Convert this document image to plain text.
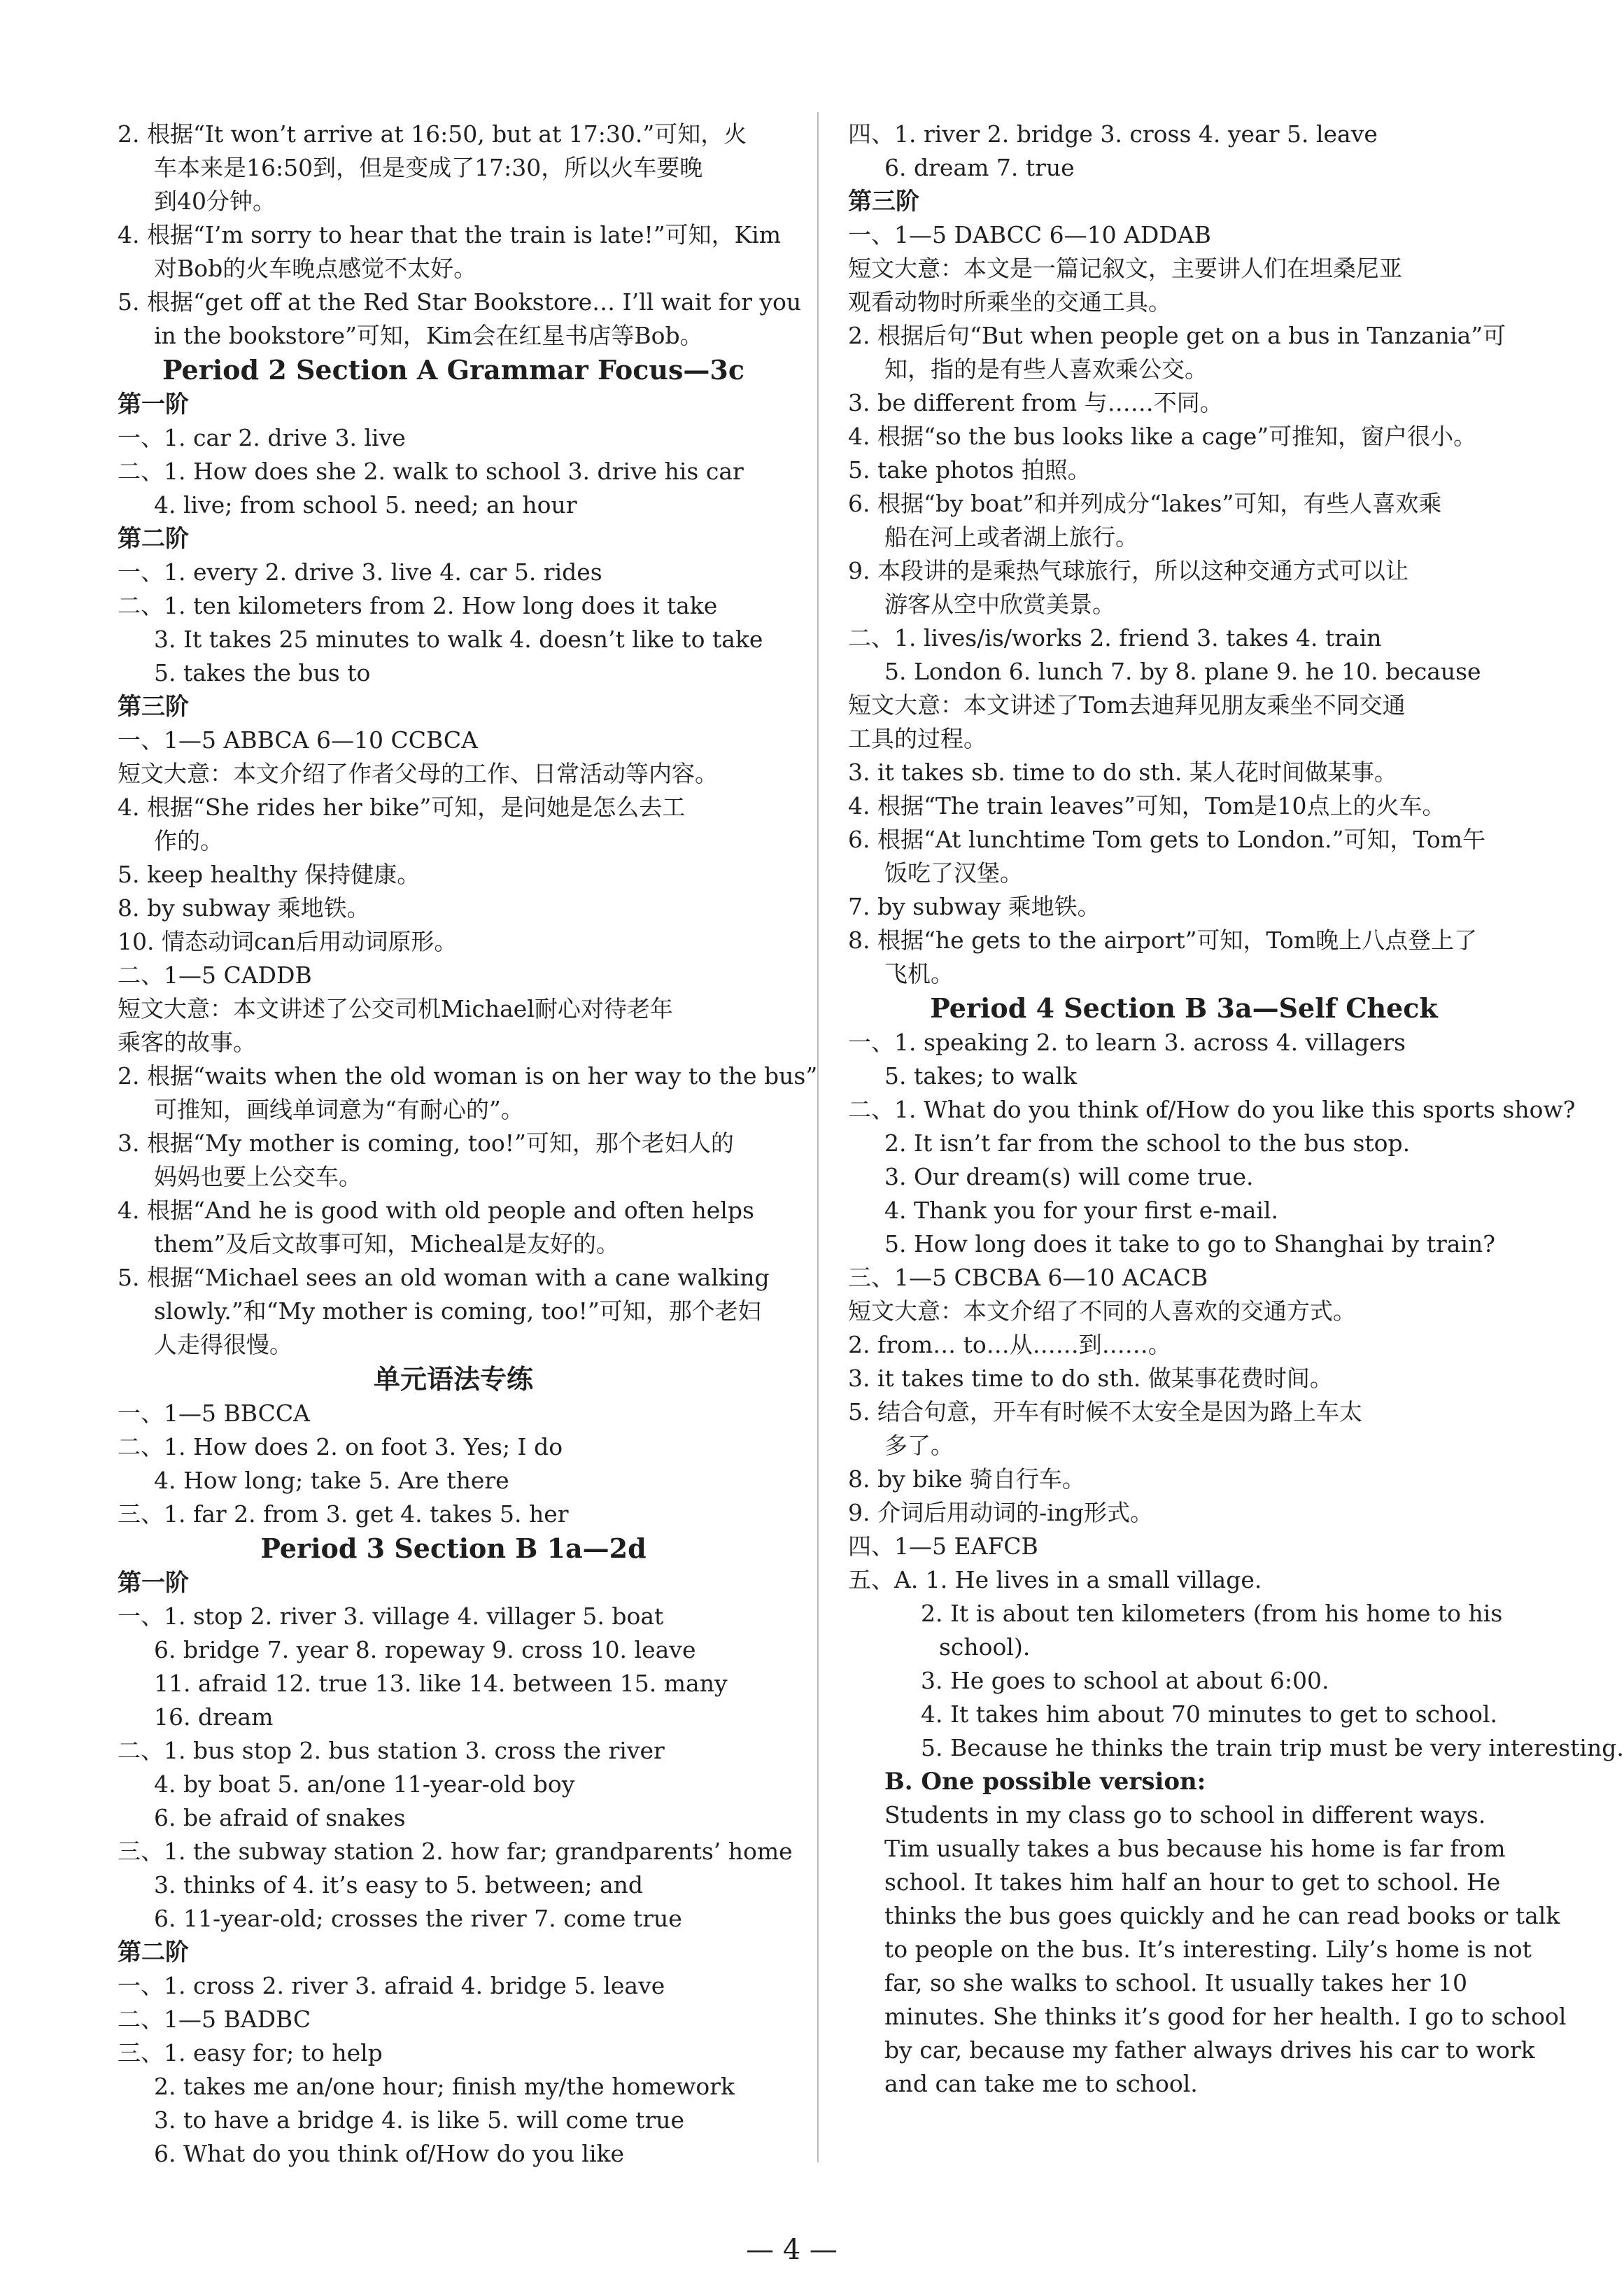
2. 根据“It won’t arrive at 16:50, but at 17:30.”可知，火
车本来是16:50到，但是变成了17:30，所以火车要晚
到40分钟。
4. 根据“I’m sorry to hear that the train is late!”可知，Kim
对Bob的火车晚点感觉不太好。
5. 根据“get off at the Red Star Bookstore… I’ll wait for you
in the bookstore”可知，Kim会在红星书店等Bob。
Period 2 Section A Grammar Focus—3c
第一阶
一、1. car 2. drive 3. live
二、1. How does she 2. walk to school 3. drive his car
4. live; from school 5. need; an hour
第二阶
一、1. every 2. drive 3. live 4. car 5. rides
二、1. ten kilometers from 2. How long does it take
3. It takes 25 minutes to walk 4. doesn’t like to take
5. takes the bus to
第三阶
一、1—5 ABBCA 6—10 CCBCA
短文大意：本文介绍了作者父母的工作、日常活动等内容。
4. 根据“She rides her bike”可知，是问她是怎么去工
作的。
5. keep healthy 保持健康。
8. by subway 乘地铁。
10. 情态动词can后用动词原形。
二、1—5 CADDB
短文大意：本文讲述了公交司机Michael耐心对待老年
乘客的故事。
2. 根据“waits when the old woman is on her way to the bus”
可推知，画线单词意为“有耐心的”。
3. 根据“My mother is coming, too!”可知，那个老妇人的
妈妈也要上公交车。
4. 根据“And he is good with old people and often helps
them”及后文故事可知，Micheal是友好的。
5. 根据“Michael sees an old woman with a cane walking
slowly.”和“My mother is coming, too!”可知，那个老妇
人走得很慢。
单元语法专练
一、1—5 BBCCA
二、1. How does 2. on foot 3. Yes; I do
4. How long; take 5. Are there
三、1. far 2. from 3. get 4. takes 5. her
Period 3 Section B 1a—2d
第一阶
一、1. stop 2. river 3. village 4. villager 5. boat
6. bridge 7. year 8. ropeway 9. cross 10. leave
11. afraid 12. true 13. like 14. between 15. many
16. dream
二、1. bus stop 2. bus station 3. cross the river
4. by boat 5. an/one 11-year-old boy
6. be afraid of snakes
三、1. the subway station 2. how far; grandparents’ home
3. thinks of 4. it’s easy to 5. between; and
6. 11-year-old; crosses the river 7. come true
第二阶
一、1. cross 2. river 3. afraid 4. bridge 5. leave
二、1—5 BADBC
三、1. easy for; to help
2. takes me an/one hour; finish my/the homework
3. to have a bridge 4. is like 5. will come true
6. What do you think of/How do you like
四、1. river 2. bridge 3. cross 4. year 5. leave
6. dream 7. true
第三阶
一、1—5 DABCC 6—10 ADDAB
短文大意：本文是一篇记叙文，主要讲人们在坦桑尼亚
观看动物时所乘坐的交通工具。
2. 根据后句“But when people get on a bus in Tanzania”可
知，指的是有些人喜欢乘公交。
3. be different from 与……不同。
4. 根据“so the bus looks like a cage”可推知，窗户很小。
5. take photos 拍照。
6. 根据“by boat”和并列成分“lakes”可知，有些人喜欢乘
船在河上或者湖上旅行。
9. 本段讲的是乘热气球旅行，所以这种交通方式可以让
游客从空中欣赏美景。
二、1. lives/is/works 2. friend 3. takes 4. train
5. London 6. lunch 7. by 8. plane 9. he 10. because
短文大意：本文讲述了Tom去迪拜见朋友乘坐不同交通
工具的过程。
3. it takes sb. time to do sth. 某人花时间做某事。
4. 根据“The train leaves”可知，Tom是10点上的火车。
6. 根据“At lunchtime Tom gets to London.”可知，Tom午
饭吃了汉堡。
7. by subway 乘地铁。
8. 根据“he gets to the airport”可知，Tom晚上八点登上了
飞机。
Period 4 Section B 3a—Self Check
一、1. speaking 2. to learn 3. across 4. villagers
5. takes; to walk
二、1. What do you think of/How do you like this sports show?
2. It isn’t far from the school to the bus stop.
3. Our dream(s) will come true.
4. Thank you for your first e-mail.
5. How long does it take to go to Shanghai by train?
三、1—5 CBCBA 6—10 ACACB
短文大意：本文介绍了不同的人喜欢的交通方式。
2. from… to…从……到……。
3. it takes time to do sth. 做某事花费时间。
5. 结合句意，开车有时候不太安全是因为路上车太
多了。
8. by bike 骑自行车。
9. 介词后用动词的-ing形式。
四、1—5 EAFCB
五、A. 1. He lives in a small village.
2. It is about ten kilometers (from his home to his
school).
3. He goes to school at about 6:00.
4. It takes him about 70 minutes to get to school.
5. Because he thinks the train trip must be very interesting.
B. One possible version:
Students in my class go to school in different ways.
Tim usually takes a bus because his home is far from
school. It takes him half an hour to get to school. He
thinks the bus goes quickly and he can read books or talk
to people on the bus. It’s interesting. Lily’s home is not
far, so she walks to school. It usually takes her 10
minutes. She thinks it’s good for her health. I go to school
by car, because my father always drives his car to work
and can take me to school.
— 4 —
